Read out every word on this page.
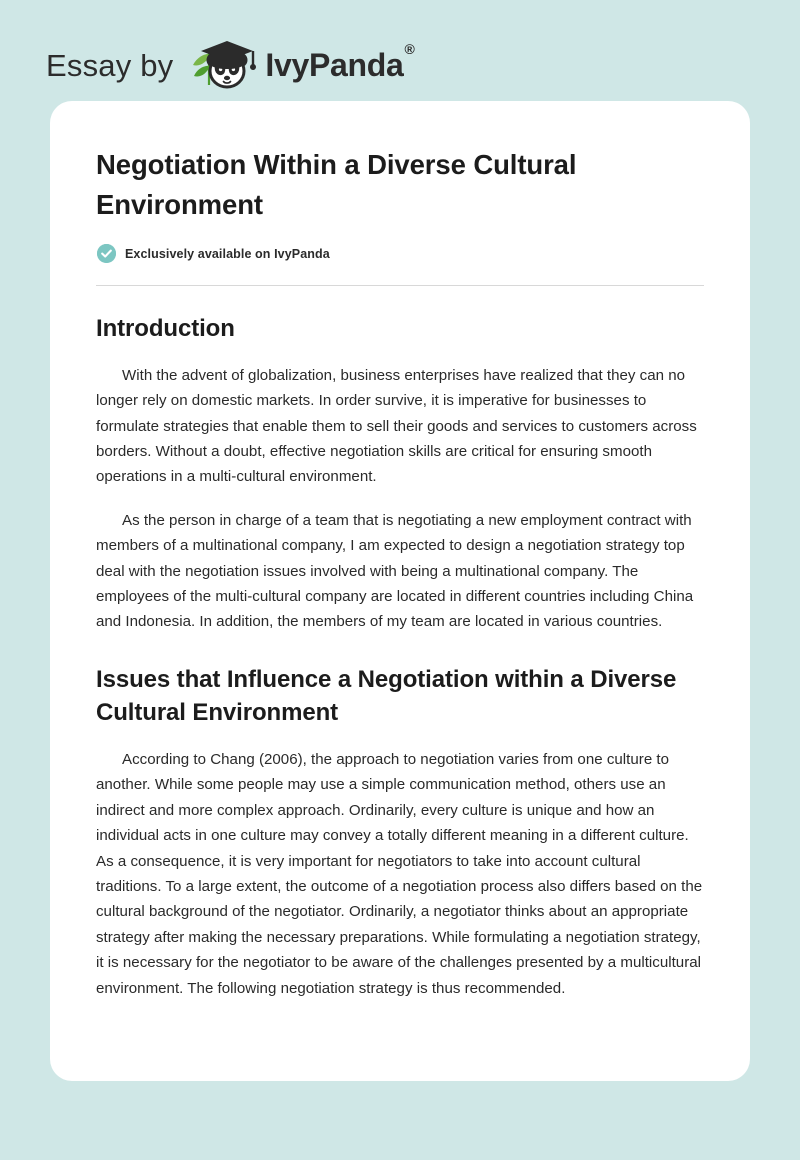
Essay by	IvyPanda®
Negotiation Within a Diverse Cultural Environment
Exclusively available on IvyPanda
Introduction

With the advent of globalization, business enterprises have realized that they can no longer rely on domestic markets. In order survive, it is imperative for businesses to formulate strategies that enable them to sell their goods and services to customers across borders. Without a doubt, effective negotiation skills are critical for ensuring smooth operations in a multi-cultural environment.

As the person in charge of a team that is negotiating a new employment contract with members of a multinational company, I am expected to design a negotiation strategy top deal with the negotiation issues involved with being a multinational company. The employees of the multi-cultural company are located in different countries including China and Indonesia. In addition, the members of my team are located in various countries.

Issues that Influence a Negotiation within a Diverse Cultural Environment

According to Chang (2006), the approach to negotiation varies from one culture to another. While some people may use a simple communication method, others use an indirect and more complex approach. Ordinarily, every culture is unique and how an individual acts in one culture may convey a totally different meaning in a different culture. As a consequence, it is very important for negotiators to take into account cultural traditions. To a large extent, the outcome of a negotiation process also differs based on the cultural background of the negotiator. Ordinarily, a negotiator thinks about an appropriate strategy after making the necessary preparations. While formulating a negotiation strategy, it is necessary for the negotiator to be aware of the challenges presented by a multicultural environment. The following negotiation strategy is thus recommended.
